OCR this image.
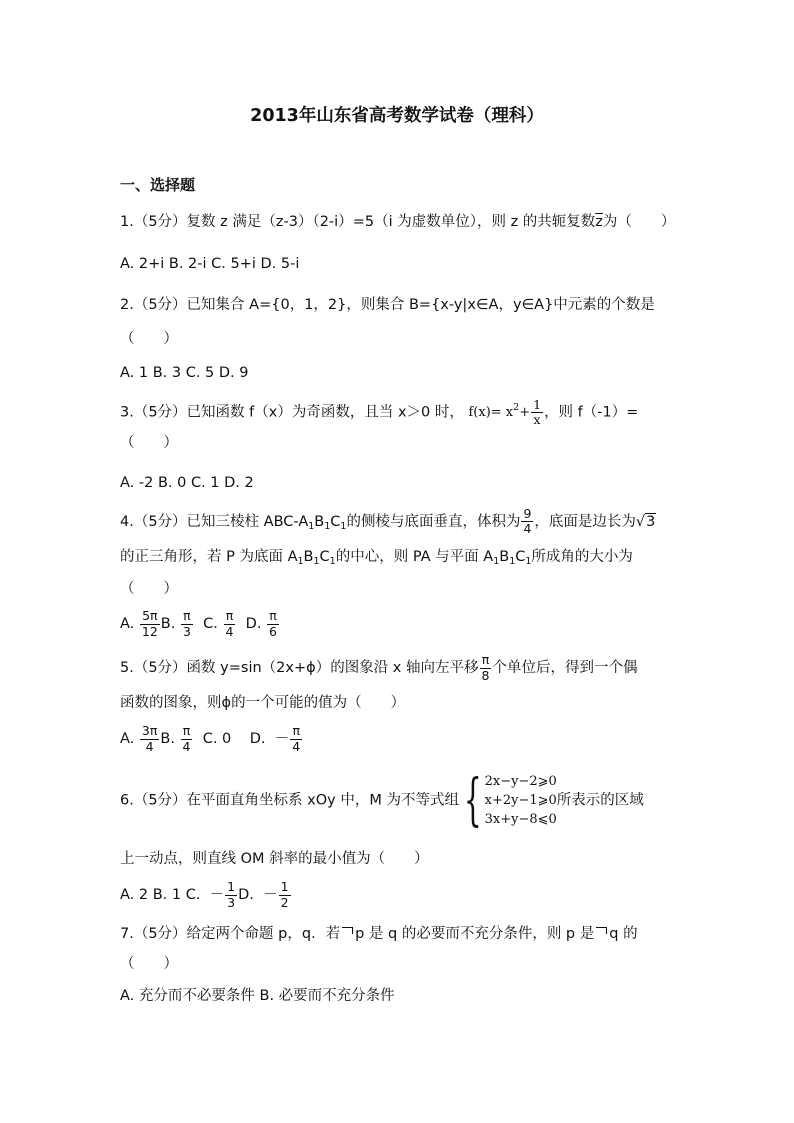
2013年山东省高考数学试卷（理科）
一、选择题
1.（5分）复数 z 满足（z-3）（2-i）=5（i 为虚数单位），则 z 的共轭复数$\overline{z}$为（　　）
A. 2+i B. 2-i C. 5+i D. 5-i
2.（5分）已知集合 A={0，1，2}，则集合 B={x-y|x∈A，y∈A}中元素的个数是
（　　）
A. 1 B. 3 C. 5 D. 9
3.（5分）已知函数 f（x）为奇函数，且当 x＞0 时， $f(x)= x^2+ \frac{1}{x}$ ，则 f（-1）=
（　　）
A. -2 B. 0 C. 1 D. 2
4.（5分）已知三棱柱 ABC-$A_1B_1C_1$的侧棱与底面垂直，体积为 $\frac{9}{4}$ ，底面是边长为√3
的正三角形，若 P 为底面 $A_1B_1C_1$的中心，则 PA 与平面 $A_1B_1C_1$所成角的大小为
（　　）
A. $\frac{5\pi}{12} B$. $\frac{\pi}{3} C$. $\frac{\pi}{4} D$. $\frac{\pi}{6}$
5.（5分）函数 y=sin（2x+ϕ）的图象沿 x 轴向左平移 $\frac{\pi}{8}$ 个单位后，得到一个偶
函数的图象，则ϕ的一个可能的值为（　　）
A. $\frac{3\pi}{4} B$. $\frac{\pi}{4} C$. 0 D. － $\frac{\pi}{4}$
6.（5分）在平面直角坐标系 xOy 中，M 为不等式组 { 2x−y−2⩾0
x+2y−1⩾0
3x+y−8⩽0
所表示的区域
上一动点，则直线 OM 斜率的最小值为（　　）
A. 2 B. 1 C. － $\frac{1}{3} D$. － $\frac{1}{2}$
7.（5分）给定两个命题 p，q．若 p 是 q 的必要而不充分条件，则 p 是 q 的
（　　）
A. 充分而不必要条件 B. 必要而不充分条件
